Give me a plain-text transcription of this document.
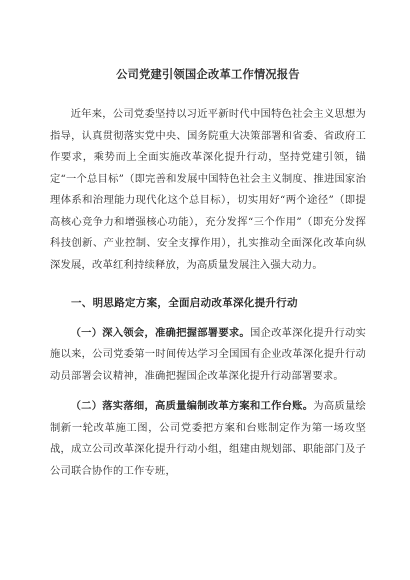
公司党建引领国企改革工作情况报告

近年来，公司党委坚持以习近平新时代中国特色社会主义思想为指导，认真贯彻落实党中央、国务院重大决策部署和省委、省政府工作要求，乘势而上全面实施改革深化提升行动，坚持党建引领，锚定“一个总目标”（即完善和发展中国特色社会主义制度、推进国家治理体系和治理能力现代化这个总目标），切实用好“两个途径”（即提高核心竞争力和增强核心功能），充分发挥“三个作用”（即充分发挥科技创新、产业控制、安全支撑作用），扎实推动全面深化改革向纵深发展，改革红利持续释放，为高质量发展注入强大动力。

一、明思路定方案，全面启动改革深化提升行动

（一）深入领会，准确把握部署要求。国企改革深化提升行动实施以来，公司党委第一时间传达学习全国国有企业改革深化提升行动动员部署会议精神，准确把握国企改革深化提升行动部署要求。

（二）落实落细，高质量编制改革方案和工作台账。为高质量绘制新一轮改革施工图，公司党委把方案和台账制定作为第一场攻坚战，成立公司改革深化提升行动小组，组建由规划部、职能部门及子公司联合协作的工作专班，
